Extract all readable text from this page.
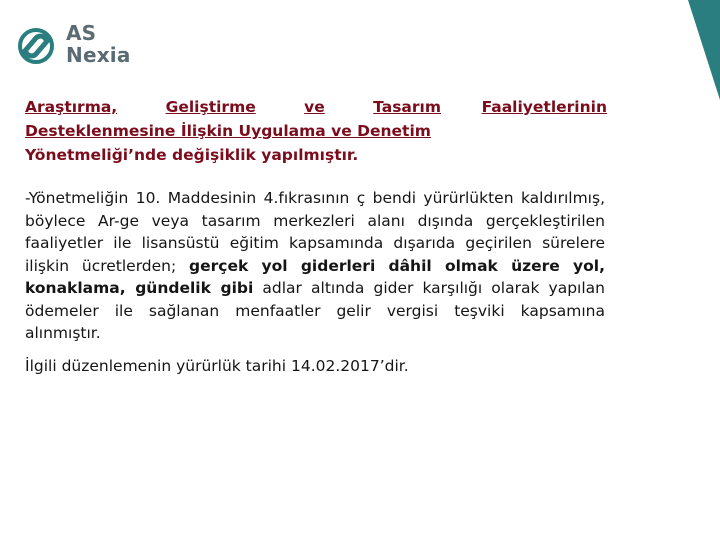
AS
Nexia
Araştırma,	Geliştirme	ve	Tasarım	Faaliyetlerinin
Desteklenmesine İlişkin Uygulama ve Denetim
Yönetmeliği’nde değişiklik yapılmıştır.

-Yönetmeliğin 10. Maddesinin 4.fıkrasının ç bendi yürürlükten kaldırılmış, böylece Ar-ge veya tasarım merkezleri alanı dışında gerçekleştirilen faaliyetler ile lisansüstü eğitim kapsamında dışarıda geçirilen sürelere ilişkin ücretlerden; gerçek yol giderleri dâhil olmak üzere yol, konaklama, gündelik gibi adlar altında gider karşılığı olarak yapılan ödemeler ile sağlanan menfaatler gelir vergisi teşviki kapsamına alınmıştır.

İlgili düzenlemenin yürürlük tarihi 14.02.2017’dir.
